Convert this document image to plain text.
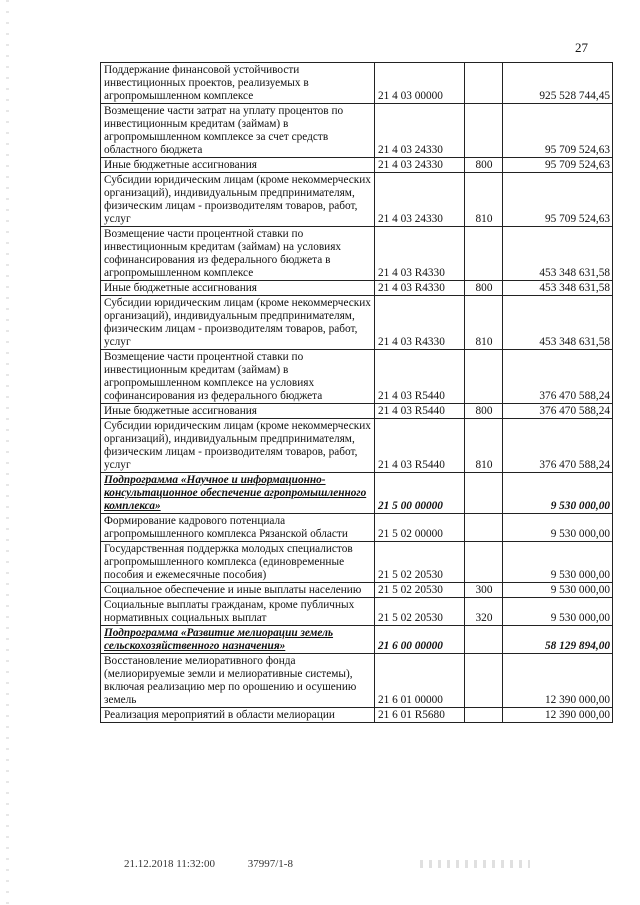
27
Поддержание финансовой устойчивости инвестиционных проектов, реализуемых в агропромышленном комплексе	21 4 03 00000		925 528 744,45
Возмещение части затрат на уплату процентов по инвестиционным кредитам (займам) в агропромышленном комплексе за счет средств областного бюджета	21 4 03 24330		95 709 524,63
Иные бюджетные ассигнования	21 4 03 24330	800	95 709 524,63
Субсидии юридическим лицам (кроме некоммерческих организаций), индивидуальным предпринимателям, физическим лицам - производителям товаров, работ, услуг	21 4 03 24330	810	95 709 524,63
Возмещение части процентной ставки по инвестиционным кредитам (займам) на условиях софинансирования из федерального бюджета в агропромышленном комплексе	21 4 03 R4330		453 348 631,58
Иные бюджетные ассигнования	21 4 03 R4330	800	453 348 631,58
Субсидии юридическим лицам (кроме некоммерческих организаций), индивидуальным предпринимателям, физическим лицам - производителям товаров, работ, услуг	21 4 03 R4330	810	453 348 631,58
Возмещение части процентной ставки по инвестиционным кредитам (займам) в агропромышленном комплексе на условиях софинансирования из федерального бюджета	21 4 03 R5440		376 470 588,24
Иные бюджетные ассигнования	21 4 03 R5440	800	376 470 588,24
Субсидии юридическим лицам (кроме некоммерческих организаций), индивидуальным предпринимателям, физическим лицам - производителям товаров, работ, услуг	21 4 03 R5440	810	376 470 588,24
Подпрограмма «Научное и информационно-консультационное обеспечение агропромышленного комплекса»	21 5 00 00000		9 530 000,00
Формирование кадрового потенциала агропромышленного комплекса Рязанской области	21 5 02 00000		9 530 000,00
Государственная поддержка молодых специалистов агропромышленного комплекса (единовременные пособия и ежемесячные пособия)	21 5 02 20530		9 530 000,00
Социальное обеспечение и иные выплаты населению	21 5 02 20530	300	9 530 000,00
Социальные выплаты гражданам, кроме публичных нормативных социальных выплат	21 5 02 20530	320	9 530 000,00
Подпрограмма «Развитие мелиорации земель сельскохозяйственного назначения»	21 6 00 00000		58 129 894,00
Восстановление мелиоративного фонда (мелиорируемые земли и мелиоративные системы), включая реализацию мер по орошению и осушению земель	21 6 01 00000		12 390 000,00
Реализация мероприятий в области мелиорации	21 6 01 R5680		12 390 000,00
21.12.2018 11:32:00	37997/1-8
